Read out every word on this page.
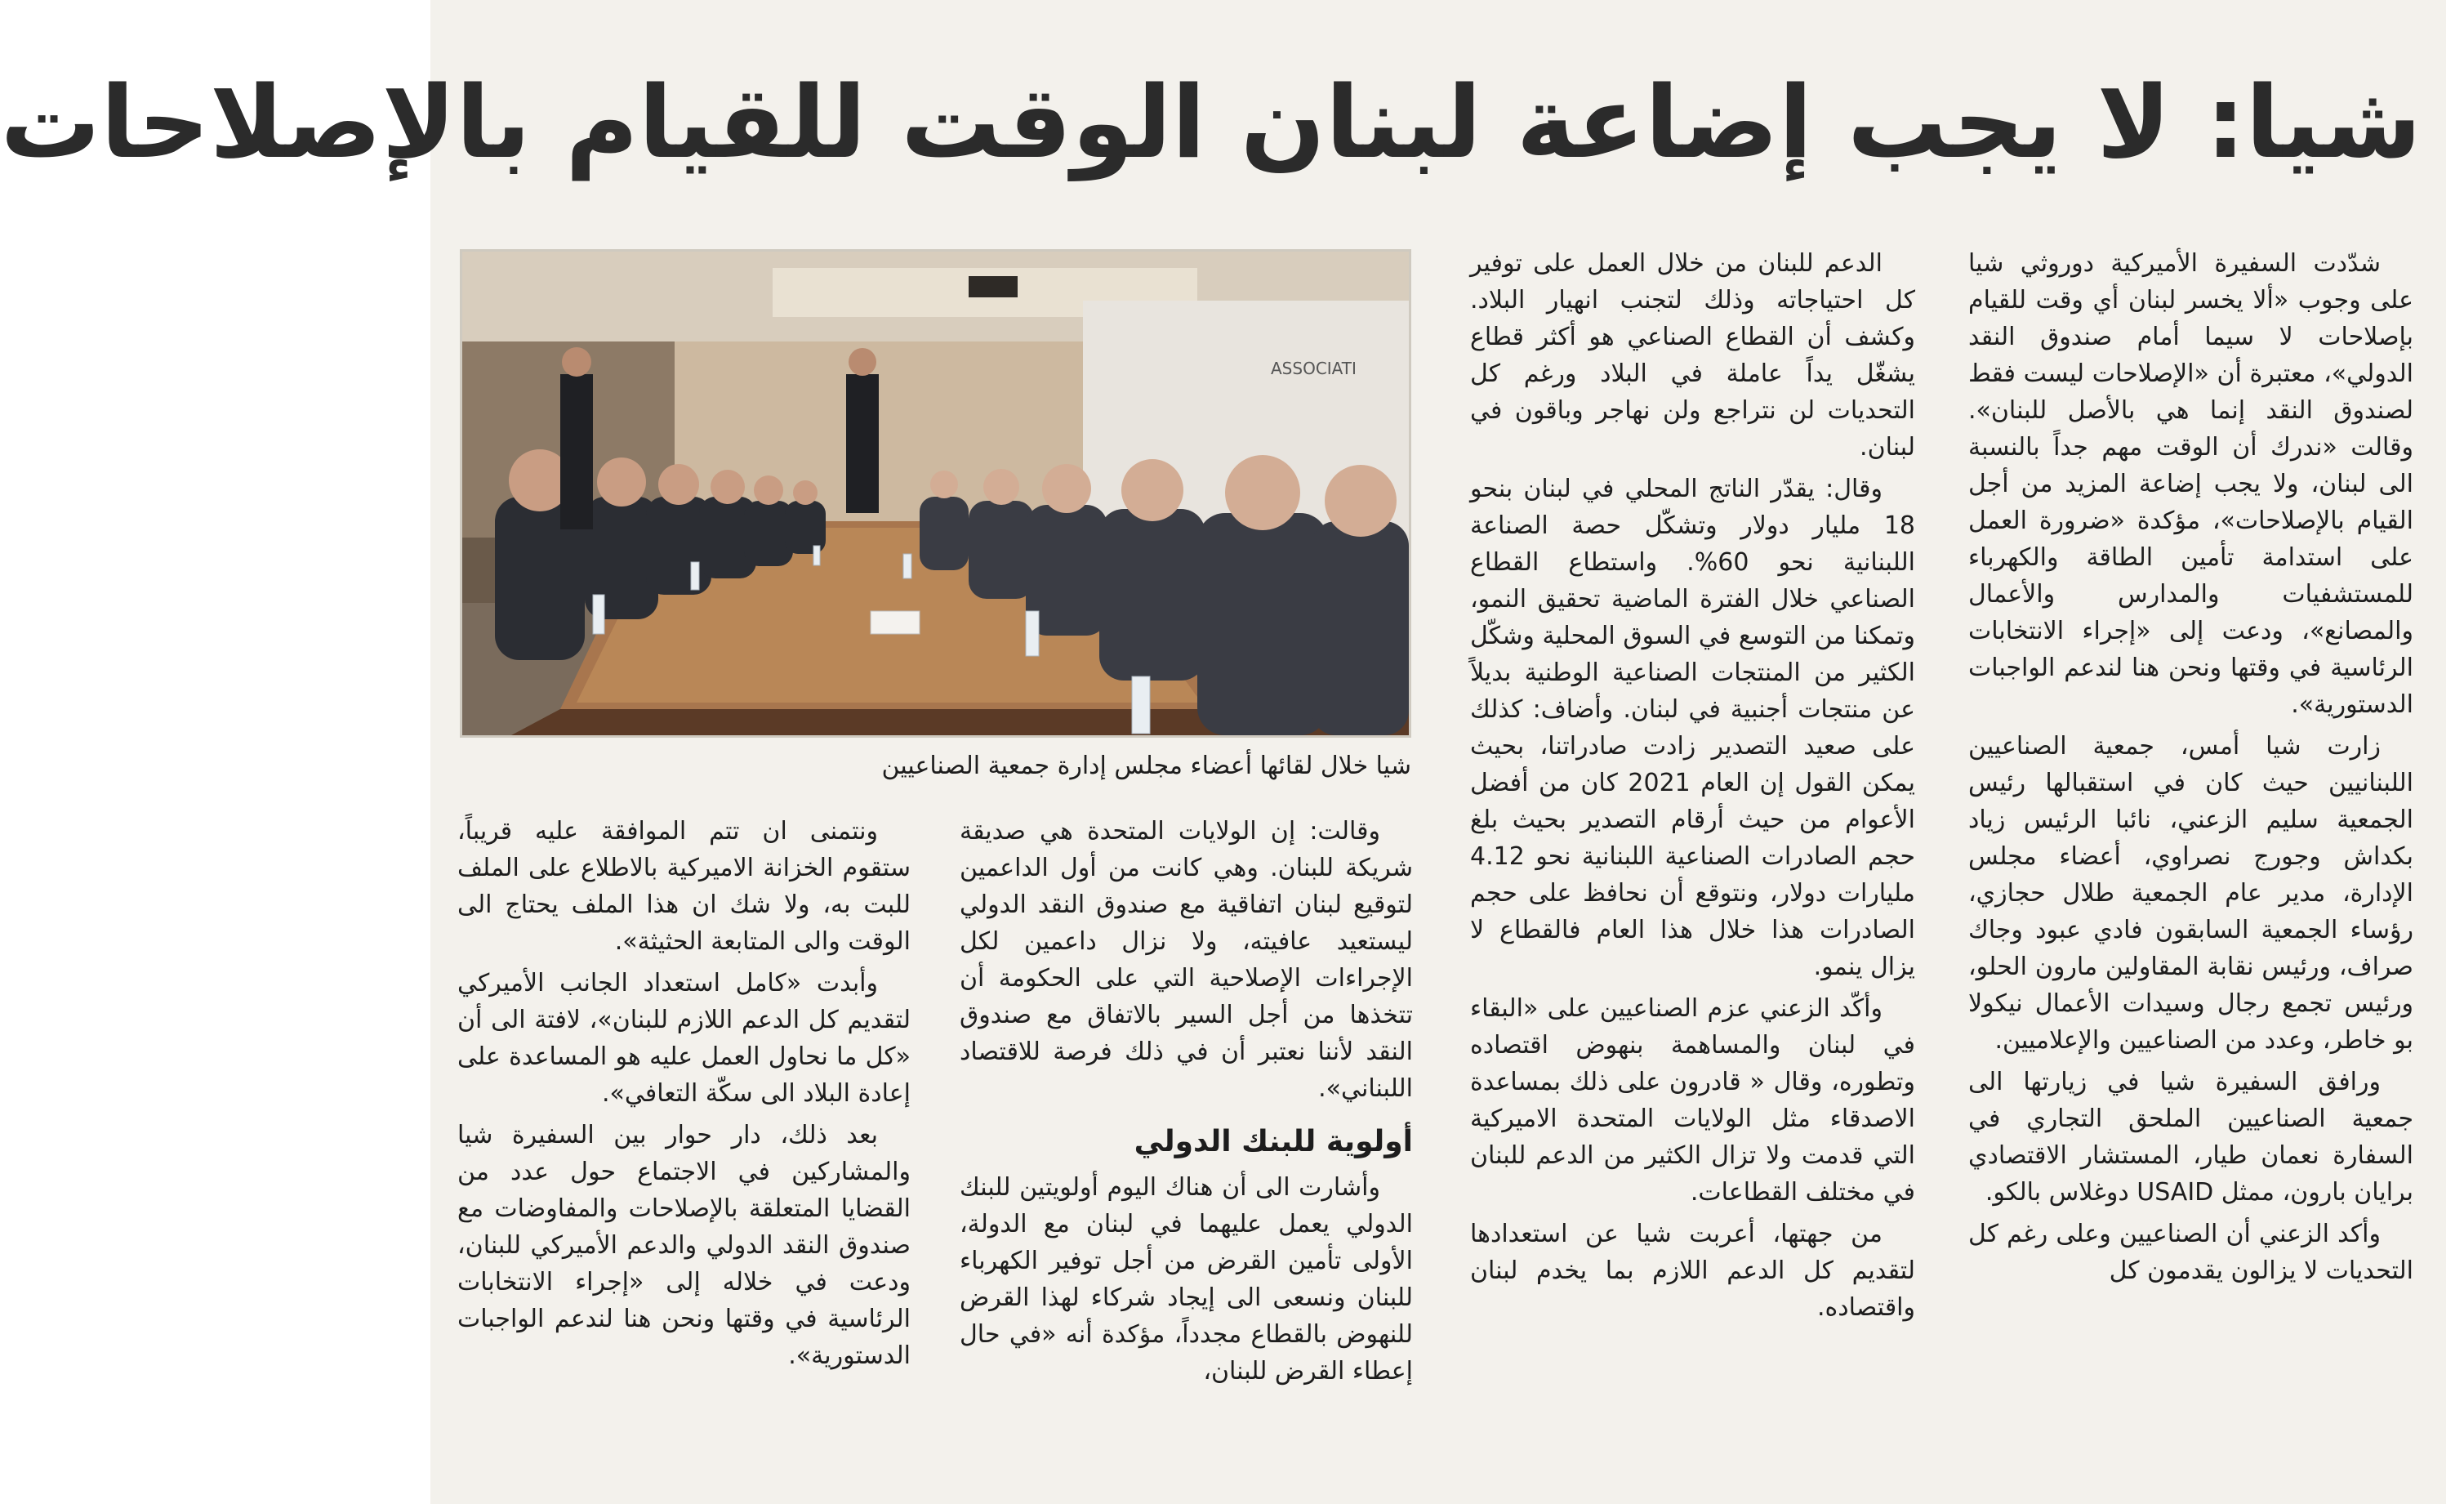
شيا: لا يجب إضاعة لبنان الوقت للقيام بالإصلاحات

شدّدت السفيرة الأميركية دوروثي شيا على وجوب «ألا يخسر لبنان أي وقت للقيام بإصلاحات لا سيما أمام صندوق النقد الدولي»، معتبرة أن «الإصلاحات ليست فقط لصندوق النقد إنما هي بالأصل للبنان». وقالت «ندرك أن الوقت مهم جداً بالنسبة الى لبنان، ولا يجب إضاعة المزيد من أجل القيام بالإصلاحات»، مؤكدة «ضرورة العمل على استدامة تأمين الطاقة والكهرباء للمستشفيات والمدارس والأعمال والمصانع»، ودعت إلى «إجراء الانتخابات الرئاسية في وقتها ونحن هنا لندعم الواجبات الدستورية».

زارت شيا أمس، جمعية الصناعيين اللبنانيين حيث كان في استقبالها رئيس الجمعية سليم الزعني، نائبا الرئيس زياد بكداش وجورج نصراوي، أعضاء مجلس الإدارة، مدير عام الجمعية طلال حجازي، رؤساء الجمعية السابقون فادي عبود وجاك صراف، ورئيس نقابة المقاولين مارون الحلو، ورئيس تجمع رجال وسيدات الأعمال نيكولا بو خاطر، وعدد من الصناعيين والإعلاميين.

ورافق السفيرة شيا في زيارتها الى جمعية الصناعيين الملحق التجاري في السفارة نعمان طيار، المستشار الاقتصادي برايان بارون، ممثل USAID دوغلاس بالكو.

وأكد الزعني أن الصناعيين وعلى رغم كل التحديات لا يزالون يقدمون كل

الدعم للبنان من خلال العمل على توفير كل احتياجاته وذلك لتجنب انهيار البلاد. وكشف أن القطاع الصناعي هو أكثر قطاع يشغّل يداً عاملة في البلاد ورغم كل التحديات لن نتراجع ولن نهاجر وباقون في لبنان.

وقال: يقدّر الناتج المحلي في لبنان بنحو 18 مليار دولار وتشكّل حصة الصناعة اللبنانية نحو 60%. واستطاع القطاع الصناعي خلال الفترة الماضية تحقيق النمو، وتمكنا من التوسع في السوق المحلية وشكّل الكثير من المنتجات الصناعية الوطنية بديلاً عن منتجات أجنبية في لبنان. وأضاف: كذلك على صعيد التصدير زادت صادراتنا، بحيث يمكن القول إن العام 2021 كان من أفضل الأعوام من حيث أرقام التصدير بحيث بلغ حجم الصادرات الصناعية اللبنانية نحو 4.12 مليارات دولار، ونتوقع أن نحافظ على حجم الصادرات هذا خلال هذا العام فالقطاع لا يزال ينمو.

وأكّد الزعني عزم الصناعيين على «البقاء في لبنان والمساهمة بنهوض اقتصاده وتطوره، وقال « قادرون على ذلك بمساعدة الاصدقاء مثل الولايات المتحدة الاميركية التي قدمت ولا تزال الكثير من الدعم للبنان في مختلف القطاعات.

من جهتها، أعربت شيا عن استعدادها لتقديم كل الدعم اللازم بما يخدم لبنان واقتصاده.

ASSOCIATI
شيا خلال لقائها أعضاء مجلس إدارة جمعية الصناعيين

وقالت: إن الولايات المتحدة هي صديقة شريكة للبنان. وهي كانت من أول الداعمين لتوقيع لبنان اتفاقية مع صندوق النقد الدولي ليستعيد عافيته، ولا نزال داعمين لكل الإجراءات الإصلاحية التي على الحكومة أن تتخذها من أجل السير بالاتفاق مع صندوق النقد لأننا نعتبر أن في ذلك فرصة للاقتصاد اللبناني».

أولوية للبنك الدولي

وأشارت الى أن هناك اليوم أولويتين للبنك الدولي يعمل عليهما في لبنان مع الدولة، الأولى تأمين القرض من أجل توفير الكهرباء للبنان ونسعى الى إيجاد شركاء لهذا القرض للنهوض بالقطاع مجدداً، مؤكدة أنه «في حال إعطاء القرض للبنان،

ونتمنى ان تتم الموافقة عليه قريباً، ستقوم الخزانة الاميركية بالاطلاع على الملف للبت به، ولا شك ان هذا الملف يحتاج الى الوقت والى المتابعة الحثيثة».

وأبدت «كامل استعداد الجانب الأميركي لتقديم كل الدعم اللازم للبنان»، لافتة الى أن «كل ما نحاول العمل عليه هو المساعدة على إعادة البلاد الى سكّة التعافي».

بعد ذلك، دار حوار بين السفيرة شيا والمشاركين في الاجتماع حول عدد من القضايا المتعلقة بالإصلاحات والمفاوضات مع صندوق النقد الدولي والدعم الأميركي للبنان، ودعت في خلاله إلى «إجراء الانتخابات الرئاسية في وقتها ونحن هنا لندعم الواجبات الدستورية».
